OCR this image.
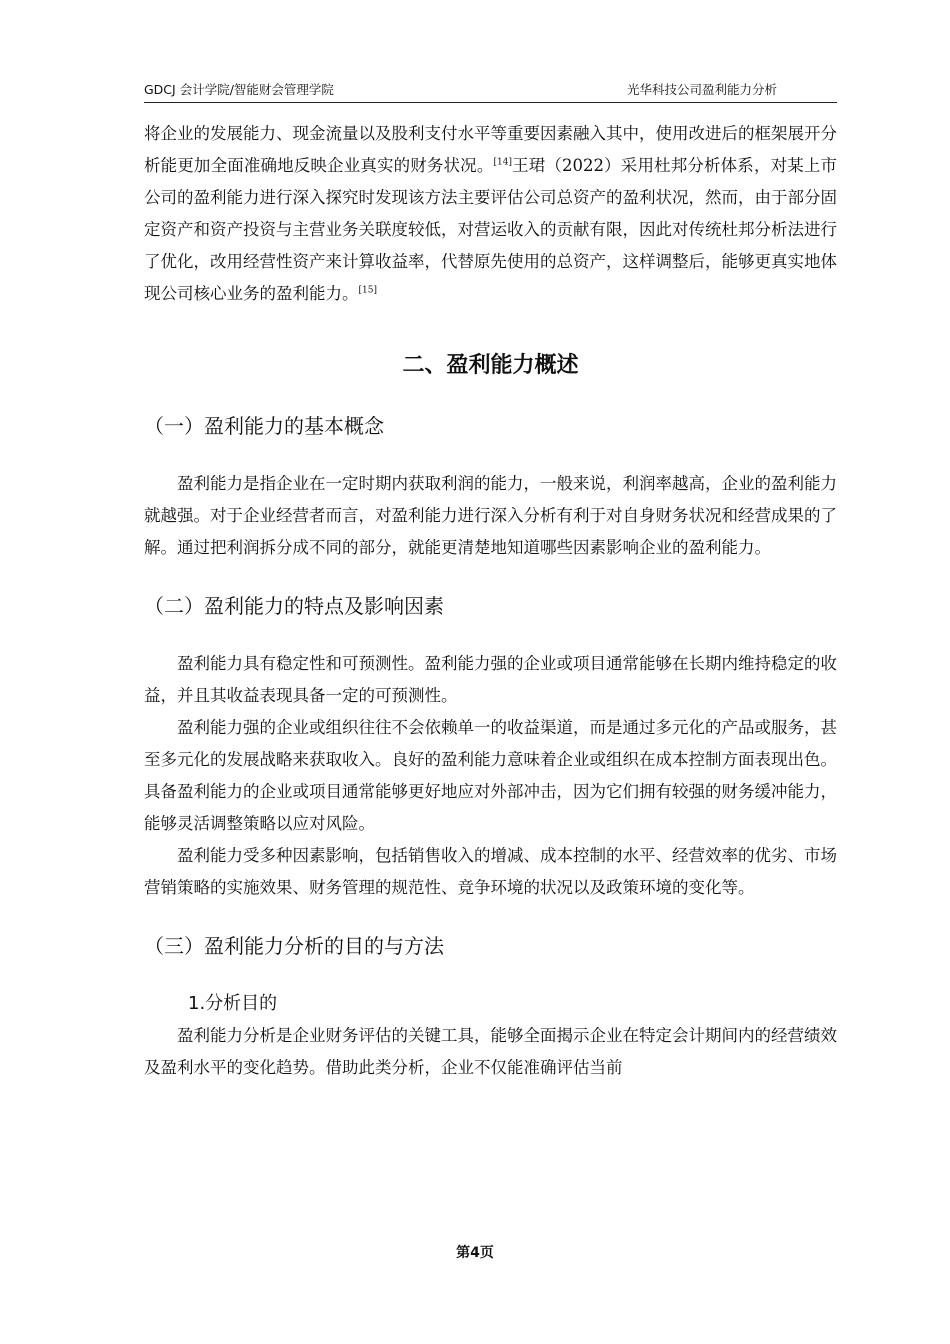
GDCJ 会计学院/智能财会管理学院	光华科技公司盈利能力分析

将企业的发展能力、现金流量以及股利支付水平等重要因素融入其中，使用改进后的框架展开分析能更加全面准确地反映企业真实的财务状况。[14]王珺（2022）采用杜邦分析体系，对某上市公司的盈利能力进行深入探究时发现该方法主要评估公司总资产的盈利状况，然而，由于部分固定资产和资产投资与主营业务关联度较低，对营运收入的贡献有限，因此对传统杜邦分析法进行了优化，改用经营性资产来计算收益率，代替原先使用的总资产，这样调整后，能够更真实地体现公司核心业务的盈利能力。[15]

二、盈利能力概述
（一）盈利能力的基本概念

盈利能力是指企业在一定时期内获取利润的能力，一般来说，利润率越高，企业的盈利能力就越强。对于企业经营者而言，对盈利能力进行深入分析有利于对自身财务状况和经营成果的了解。通过把利润拆分成不同的部分，就能更清楚地知道哪些因素影响企业的盈利能力。

（二）盈利能力的特点及影响因素

盈利能力具有稳定性和可预测性。盈利能力强的企业或项目通常能够在长期内维持稳定的收益，并且其收益表现具备一定的可预测性。

盈利能力强的企业或组织往往不会依赖单一的收益渠道，而是通过多元化的产品或服务，甚至多元化的发展战略来获取收入。良好的盈利能力意味着企业或组织在成本控制方面表现出色。具备盈利能力的企业或项目通常能够更好地应对外部冲击，因为它们拥有较强的财务缓冲能力，能够灵活调整策略以应对风险。

盈利能力受多种因素影响，包括销售收入的增减、成本控制的水平、经营效率的优劣、市场营销策略的实施效果、财务管理的规范性、竞争环境的状况以及政策环境的变化等。

（三）盈利能力分析的目的与方法
1.分析目的

盈利能力分析是企业财务评估的关键工具，能够全面揭示企业在特定会计期间内的经营绩效及盈利水平的变化趋势。借助此类分析，企业不仅能准确评估当前

第4页
